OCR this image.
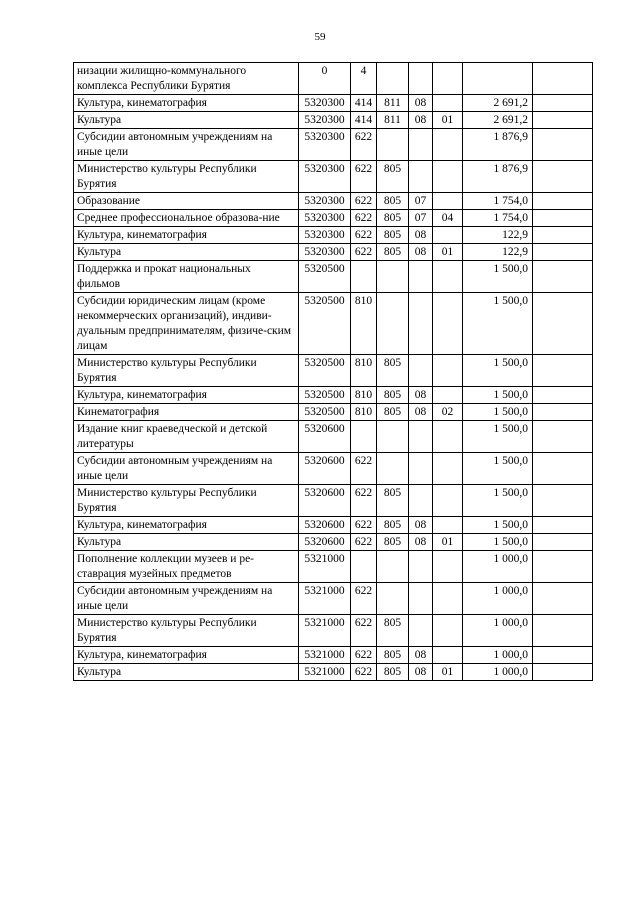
59
низации жилищно-коммунального комплекса Республики Бурятия	0	4					
Культура, кинематография	5320300	414	811	08		2 691,2	
Культура	5320300	414	811	08	01	2 691,2	
Субсидии автономным учреждениям на иные цели	5320300	622				1 876,9	
Министерство культуры Республики Бурятия	5320300	622	805			1 876,9	
Образование	5320300	622	805	07		1 754,0	
Среднее профессиональное образова-ние	5320300	622	805	07	04	1 754,0	
Культура, кинематография	5320300	622	805	08		122,9	
Культура	5320300	622	805	08	01	122,9	
Поддержка и прокат национальных фильмов	5320500					1 500,0	
Субсидии юридическим лицам (кроме некоммерческих организаций), индиви-дуальным предпринимателям, физиче-ским лицам	5320500	810				1 500,0	
Министерство культуры Республики Бурятия	5320500	810	805			1 500,0	
Культура, кинематография	5320500	810	805	08		1 500,0	
Кинематография	5320500	810	805	08	02	1 500,0	
Издание книг краеведческой и детской литературы	5320600					1 500,0	
Субсидии автономным учреждениям на иные цели	5320600	622				1 500,0	
Министерство культуры Республики Бурятия	5320600	622	805			1 500,0	
Культура, кинематография	5320600	622	805	08		1 500,0	
Культура	5320600	622	805	08	01	1 500,0	
Пополнение коллекции музеев и ре-ставрация музейных предметов	5321000					1 000,0	
Субсидии автономным учреждениям на иные цели	5321000	622				1 000,0	
Министерство культуры Республики Бурятия	5321000	622	805			1 000,0	
Культура, кинематография	5321000	622	805	08		1 000,0	
Культура	5321000	622	805	08	01	1 000,0	
